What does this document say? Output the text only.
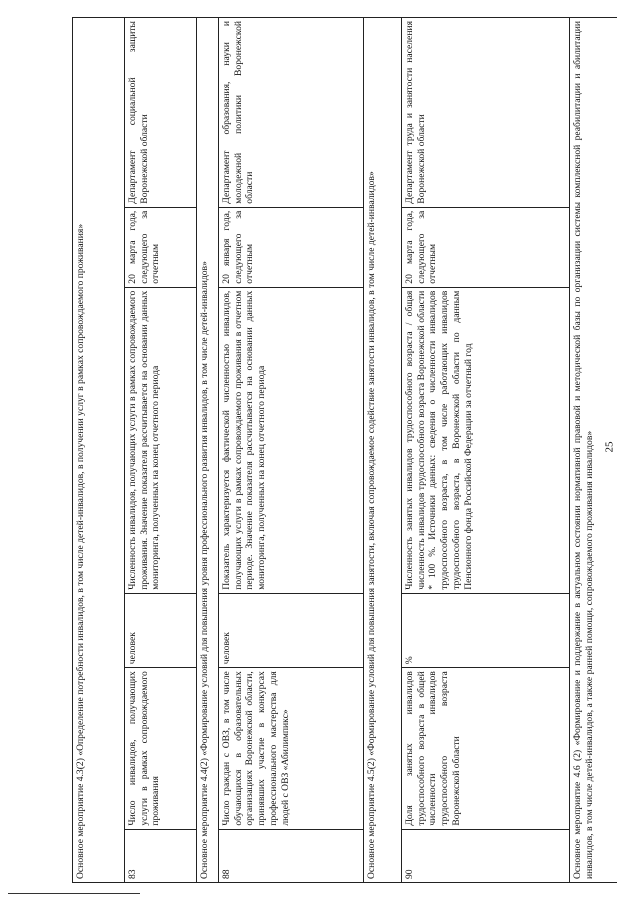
25
Основное мероприятие 4.3(2) «Определение потребности инвалидов, в том числе детей-инвалидов, в получении услуг в рамках сопровождаемого проживания»					
83	Число инвалидов, получающих услуги в рамках сопровождаемого проживания	человек	Численность инвалидов, получающих услуги в рамках сопровождаемого проживания. Значение показателя рассчитывается на основании данных мониторинга, полученных на конец отчетного периода	20 марта года, следующего за отчетным	Департамент социальной защиты Воронежской области
Основное мероприятие 4.4(2) «Формирование условий для повышения уровня профессионального развития инвалидов, в том числе детей-инвалидов»					
88	Число граждан с ОВЗ, в том числе обучающихся в образовательных организациях Воронежской области, принявших участие в конкурсах профессионального мастерства для людей с ОВЗ «Абилимпикс»	человек	Показатель характеризуется фактической численностью инвалидов, получающих услуги в рамках сопровождаемого проживания в отчетном периоде. Значение показателя рассчитывается на основании данных мониторинга, полученных на конец отчетного периода	20 января года, следующего за отчетным	Департамент образования, науки и молодежной политики Воронежской области
Основное мероприятие 4.5(2) «Формирование условий для повышения занятости, включая сопровождаемое содействие занятости инвалидов, в том числе детей-инвалидов»					
90	Доля занятых инвалидов трудоспособного возраста в общей численности инвалидов трудоспособного возраста Воронежской области	%	Численность занятых инвалидов трудоспособного возраста / общая численность инвалидов трудоспособного возраста Воронежской области * 100 %. Источники данных: сведения о численности инвалидов трудоспособного возраста, в том числе работающих инвалидов трудоспособного возраста, в Воронежской области по данным Пенсионного фонда Российской Федерации за отчетный год	20 марта года, следующего за отчетным	Департамент труда и занятости населения Воронежской области
Основное мероприятие 4.6 (2) «Формирование и поддержание в актуальном состоянии нормативной правовой и методической базы по организации системы комплексной реабилитации и абилитации инвалидов, в том числе детей-инвалидов, а также ранней помощи, сопровождаемого проживания инвалидов»					
